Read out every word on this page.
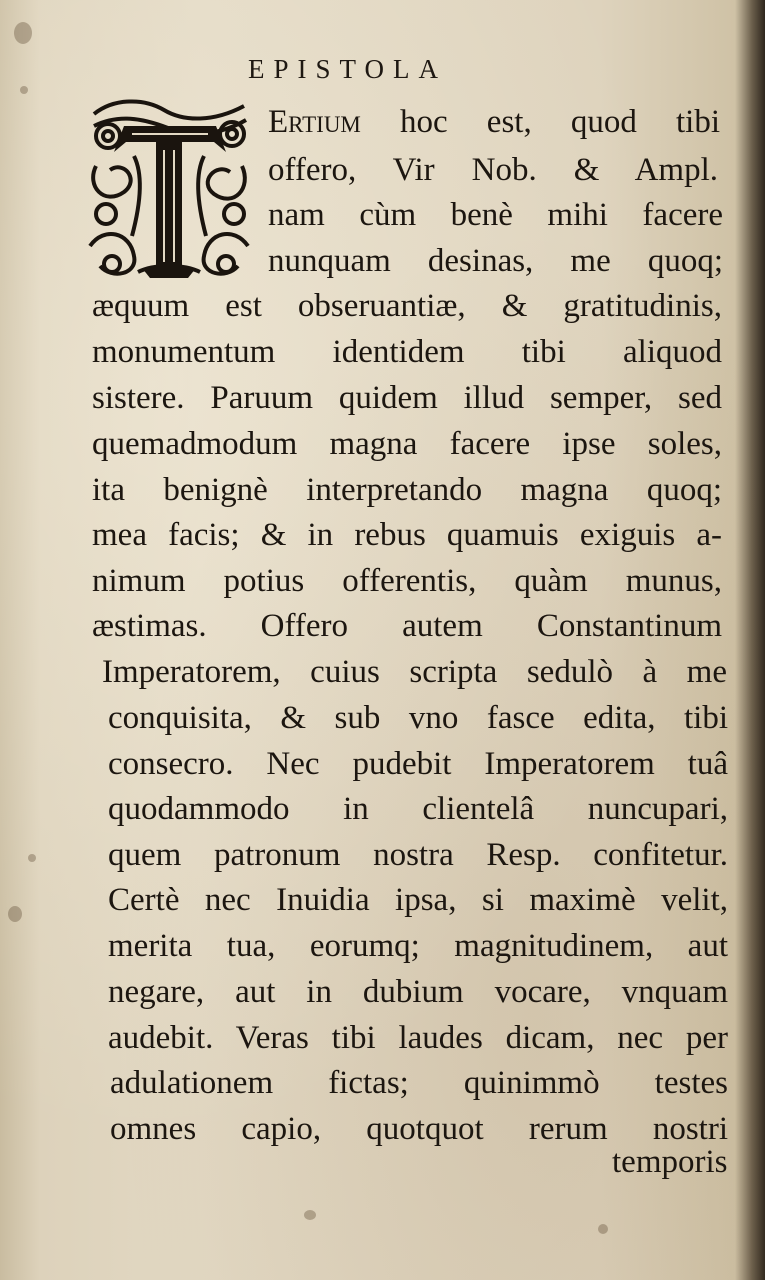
EPISTOLA
Ertium hoc est, quod tibi
offero, Vir Nob. & Ampl.
nam cùm benè mihi facere
nunquam desinas, me quoq;
æquum est obseruantiæ, & gratitudinis,
monumentum identidem tibi aliquod
sistere. Paruum quidem illud semper, sed
quemadmodum magna facere ipse soles,
ita benignè interpretando magna quoq;
mea facis; & in rebus quamuis exiguis a-
nimum potius offerentis, quàm munus,
æstimas. Offero autem Constantinum
Imperatorem, cuius scripta sedulò à me
conquisita, & sub vno fasce edita, tibi
consecro. Nec pudebit Imperatorem tuâ
quodammodo in clientelâ nuncupari,
quem patronum nostra Resp. confitetur.
Certè nec Inuidia ipsa, si maximè velit,
merita tua, eorumq; magnitudinem, aut
negare, aut in dubium vocare, vnquam
audebit. Veras tibi laudes dicam, nec per
adulationem fictas; quinimmò testes
omnes capio, quotquot rerum nostri
temporis
